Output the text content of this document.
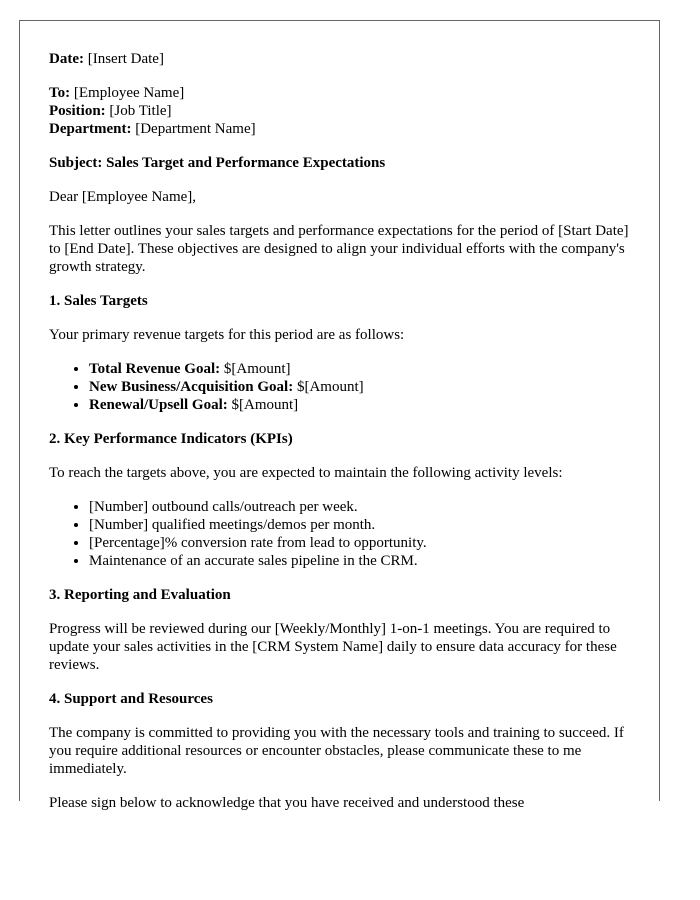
Date: [Insert Date]

To: [Employee Name]

Position: [Job Title]

Department: [Department Name]

Subject: Sales Target and Performance Expectations

Dear [Employee Name],

This letter outlines your sales targets and performance expectations for the period of [Start Date] to [End Date]. These objectives are designed to align your individual efforts with the company's growth strategy.

1. Sales Targets

Your primary revenue targets for this period are as follows:

• Total Revenue Goal: $[Amount]
• New Business/Acquisition Goal: $[Amount]
• Renewal/Upsell Goal: $[Amount]

2. Key Performance Indicators (KPIs)

To reach the targets above, you are expected to maintain the following activity levels:

• [Number] outbound calls/outreach per week.
• [Number] qualified meetings/demos per month.
• [Percentage]% conversion rate from lead to opportunity.
• Maintenance of an accurate sales pipeline in the CRM.

3. Reporting and Evaluation

Progress will be reviewed during our [Weekly/Monthly] 1-on-1 meetings. You are required to update your sales activities in the [CRM System Name] daily to ensure data accuracy for these reviews.

4. Support and Resources

The company is committed to providing you with the necessary tools and training to succeed. If you require additional resources or encounter obstacles, please communicate these to me immediately.

Please sign below to acknowledge that you have received and understood these
